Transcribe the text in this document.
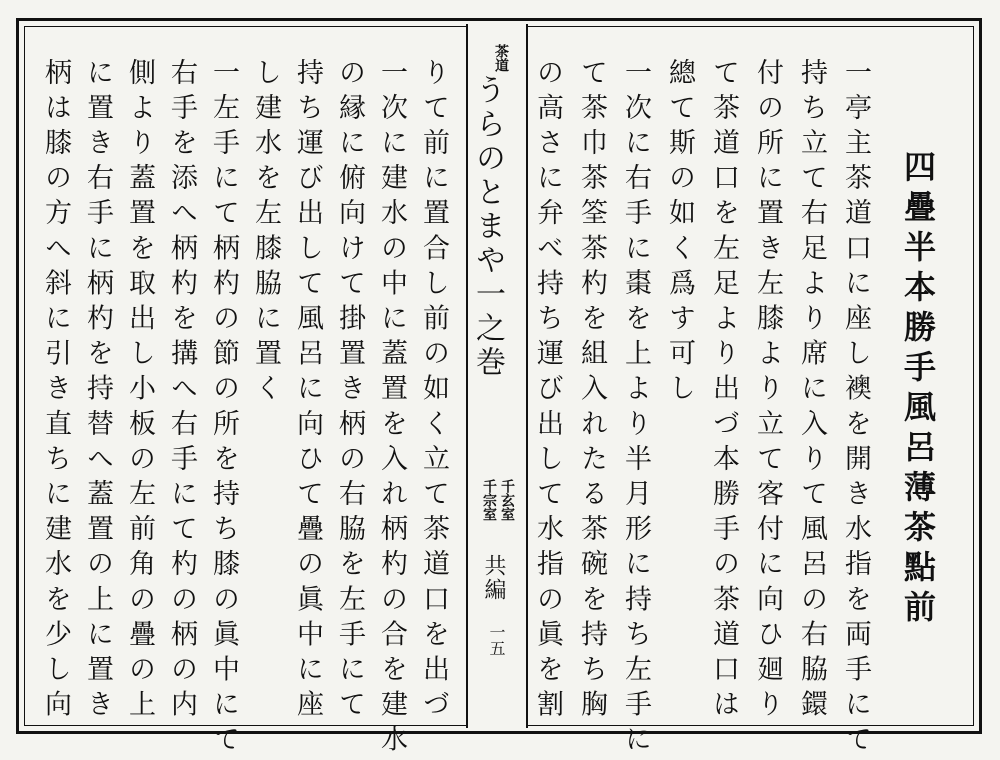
四疊半本勝手風呂薄茶點前
一亭主茶道口に座し襖を開き水指を両手にて
持ち立て右足より席に入りて風呂の右脇鐶
付の所に置き左膝より立て客付に向ひ廻り
て茶道口を左足より出づ本勝手の茶道口は
總て斯の如く爲す可し
一次に右手に棗を上より半月形に持ち左手に
て茶巾茶筌茶杓を組入れたる茶碗を持ち胸
の高さに弁べ持ち運び出して水指の眞を割
茶道
うらのとまや一之巻
千玄室
千宗室
共編
一五
りて前に置合し前の如く立て茶道口を出づ
一次に建水の中に蓋置を入れ柄杓の合を建水
の縁に俯向けて掛置き柄の右脇を左手にて
持ち運び出して風呂に向ひて疊の眞中に座
し建水を左膝脇に置く
一左手にて柄杓の節の所を持ち膝の眞中にて
右手を添へ柄杓を搆へ右手にて杓の柄の内
側より蓋置を取出し小板の左前角の疊の上
に置き右手に柄杓を持替へ蓋置の上に置き
柄は膝の方へ斜に引き直ちに建水を少し向
